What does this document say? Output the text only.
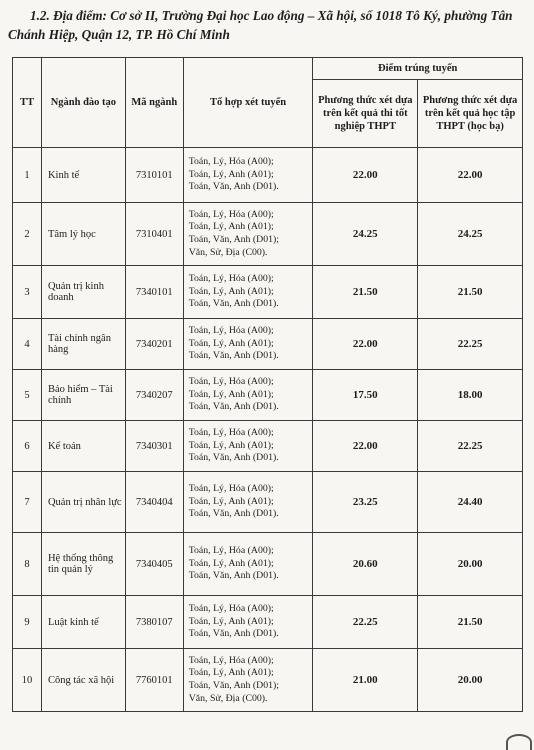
1.2. Địa điểm: Cơ sở II, Trường Đại học Lao động – Xã hội, số 1018 Tô Ký, phường Tân Chánh Hiệp, Quận 12, TP. Hồ Chí Minh
TT	Ngành đào tạo	Mã ngành	Tổ hợp xét tuyển	Điểm trúng tuyển	
				Phương thức xét dựa trên kết quả thi tốt nghiệp THPT	Phương thức xét dựa trên kết quả học tập THPT (học bạ)
1	Kinh tế	7310101	Toán, Lý, Hóa (A00);
Toán, Lý, Anh (A01);
Toán, Văn, Anh (D01).	22.00	22.00
2	Tâm lý học	7310401	Toán, Lý, Hóa (A00);
Toán, Lý, Anh (A01);
Toán, Văn, Anh (D01);
Văn, Sử, Địa (C00).	24.25	24.25
3	Quản trị kinh doanh	7340101	Toán, Lý, Hóa (A00);
Toán, Lý, Anh (A01);
Toán, Văn, Anh (D01).	21.50	21.50
4	Tài chính ngân hàng	7340201	Toán, Lý, Hóa (A00);
Toán, Lý, Anh (A01);
Toán, Văn, Anh (D01).	22.00	22.25
5	Bảo hiểm – Tài chính	7340207	Toán, Lý, Hóa (A00);
Toán, Lý, Anh (A01);
Toán, Văn, Anh (D01).	17.50	18.00
6	Kế toán	7340301	Toán, Lý, Hóa (A00);
Toán, Lý, Anh (A01);
Toán, Văn, Anh (D01).	22.00	22.25
7	Quản trị nhân lực	7340404	Toán, Lý, Hóa (A00);
Toán, Lý, Anh (A01);
Toán, Văn, Anh (D01).	23.25	24.40
8	Hệ thống thông tin quản lý	7340405	Toán, Lý, Hóa (A00);
Toán, Lý, Anh (A01);
Toán, Văn, Anh (D01).	20.60	20.00
9	Luật kinh tế	7380107	Toán, Lý, Hóa (A00);
Toán, Lý, Anh (A01);
Toán, Văn, Anh (D01).	22.25	21.50
10	Công tác xã hội	7760101	Toán, Lý, Hóa (A00);
Toán, Lý, Anh (A01);
Toán, Văn, Anh (D01);
Văn, Sử, Địa (C00).	21.00	20.00
